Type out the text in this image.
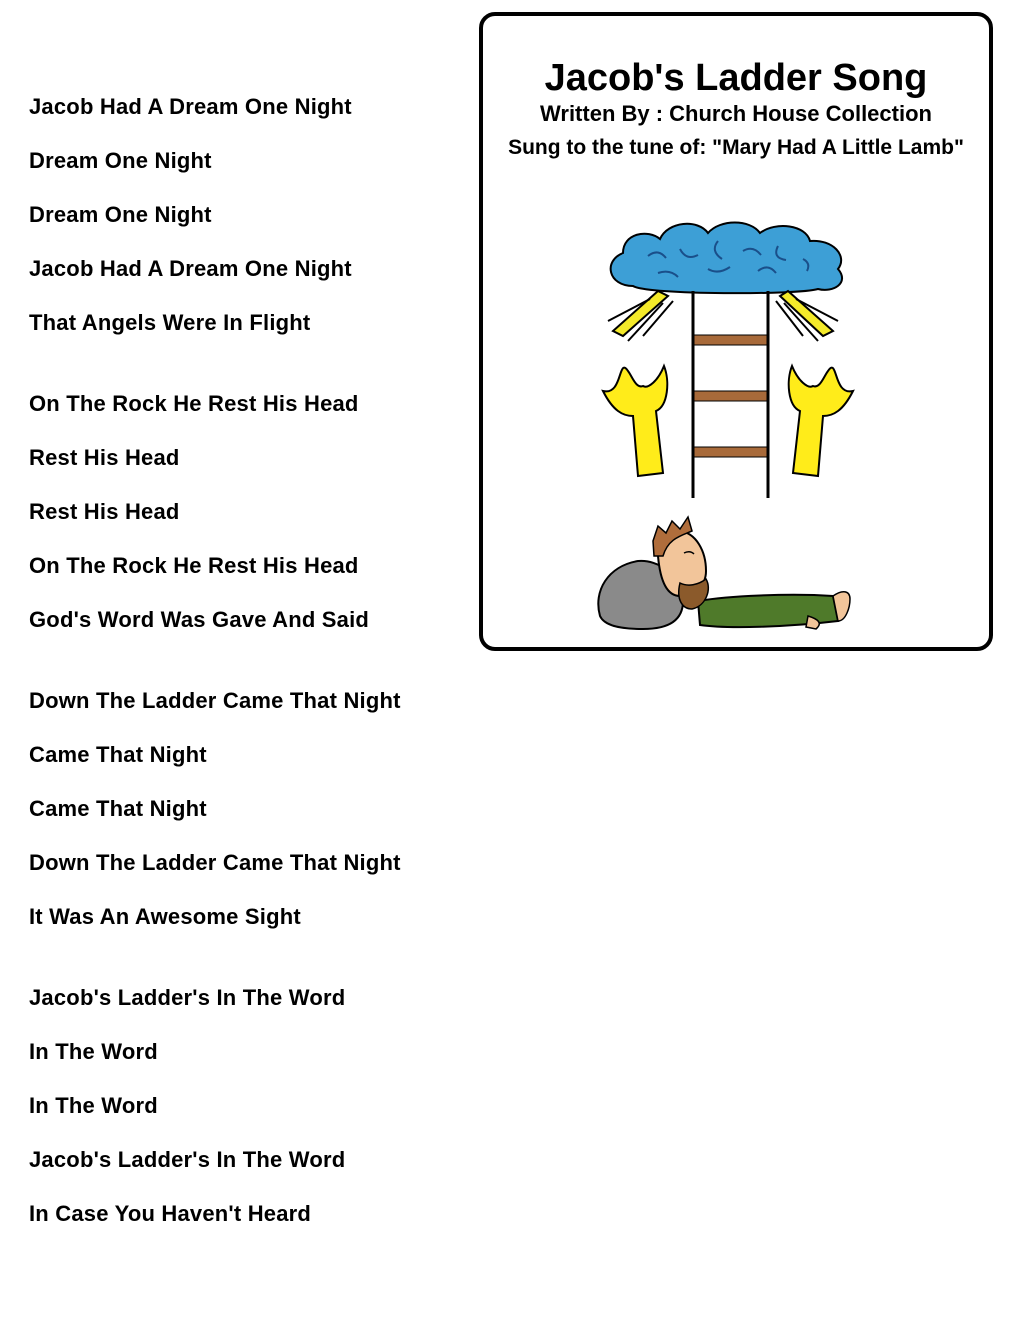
Jacob Had A Dream One Night
Dream One Night
Dream One Night
Jacob Had A Dream One Night
That Angels Were In Flight
On The Rock He Rest His Head
Rest His Head
Rest His Head
On The Rock He Rest His Head
God's Word Was Gave And Said
Down The Ladder Came That Night
Came That Night
Came That Night
Down The Ladder Came That Night
It Was An Awesome Sight
Jacob's Ladder's In The Word
In The Word
In The Word
Jacob's Ladder's In The Word
In Case You Haven't Heard
Jacob's Ladder Song
Written By : Church House Collection
Sung to the tune of: "Mary Had A Little Lamb"
